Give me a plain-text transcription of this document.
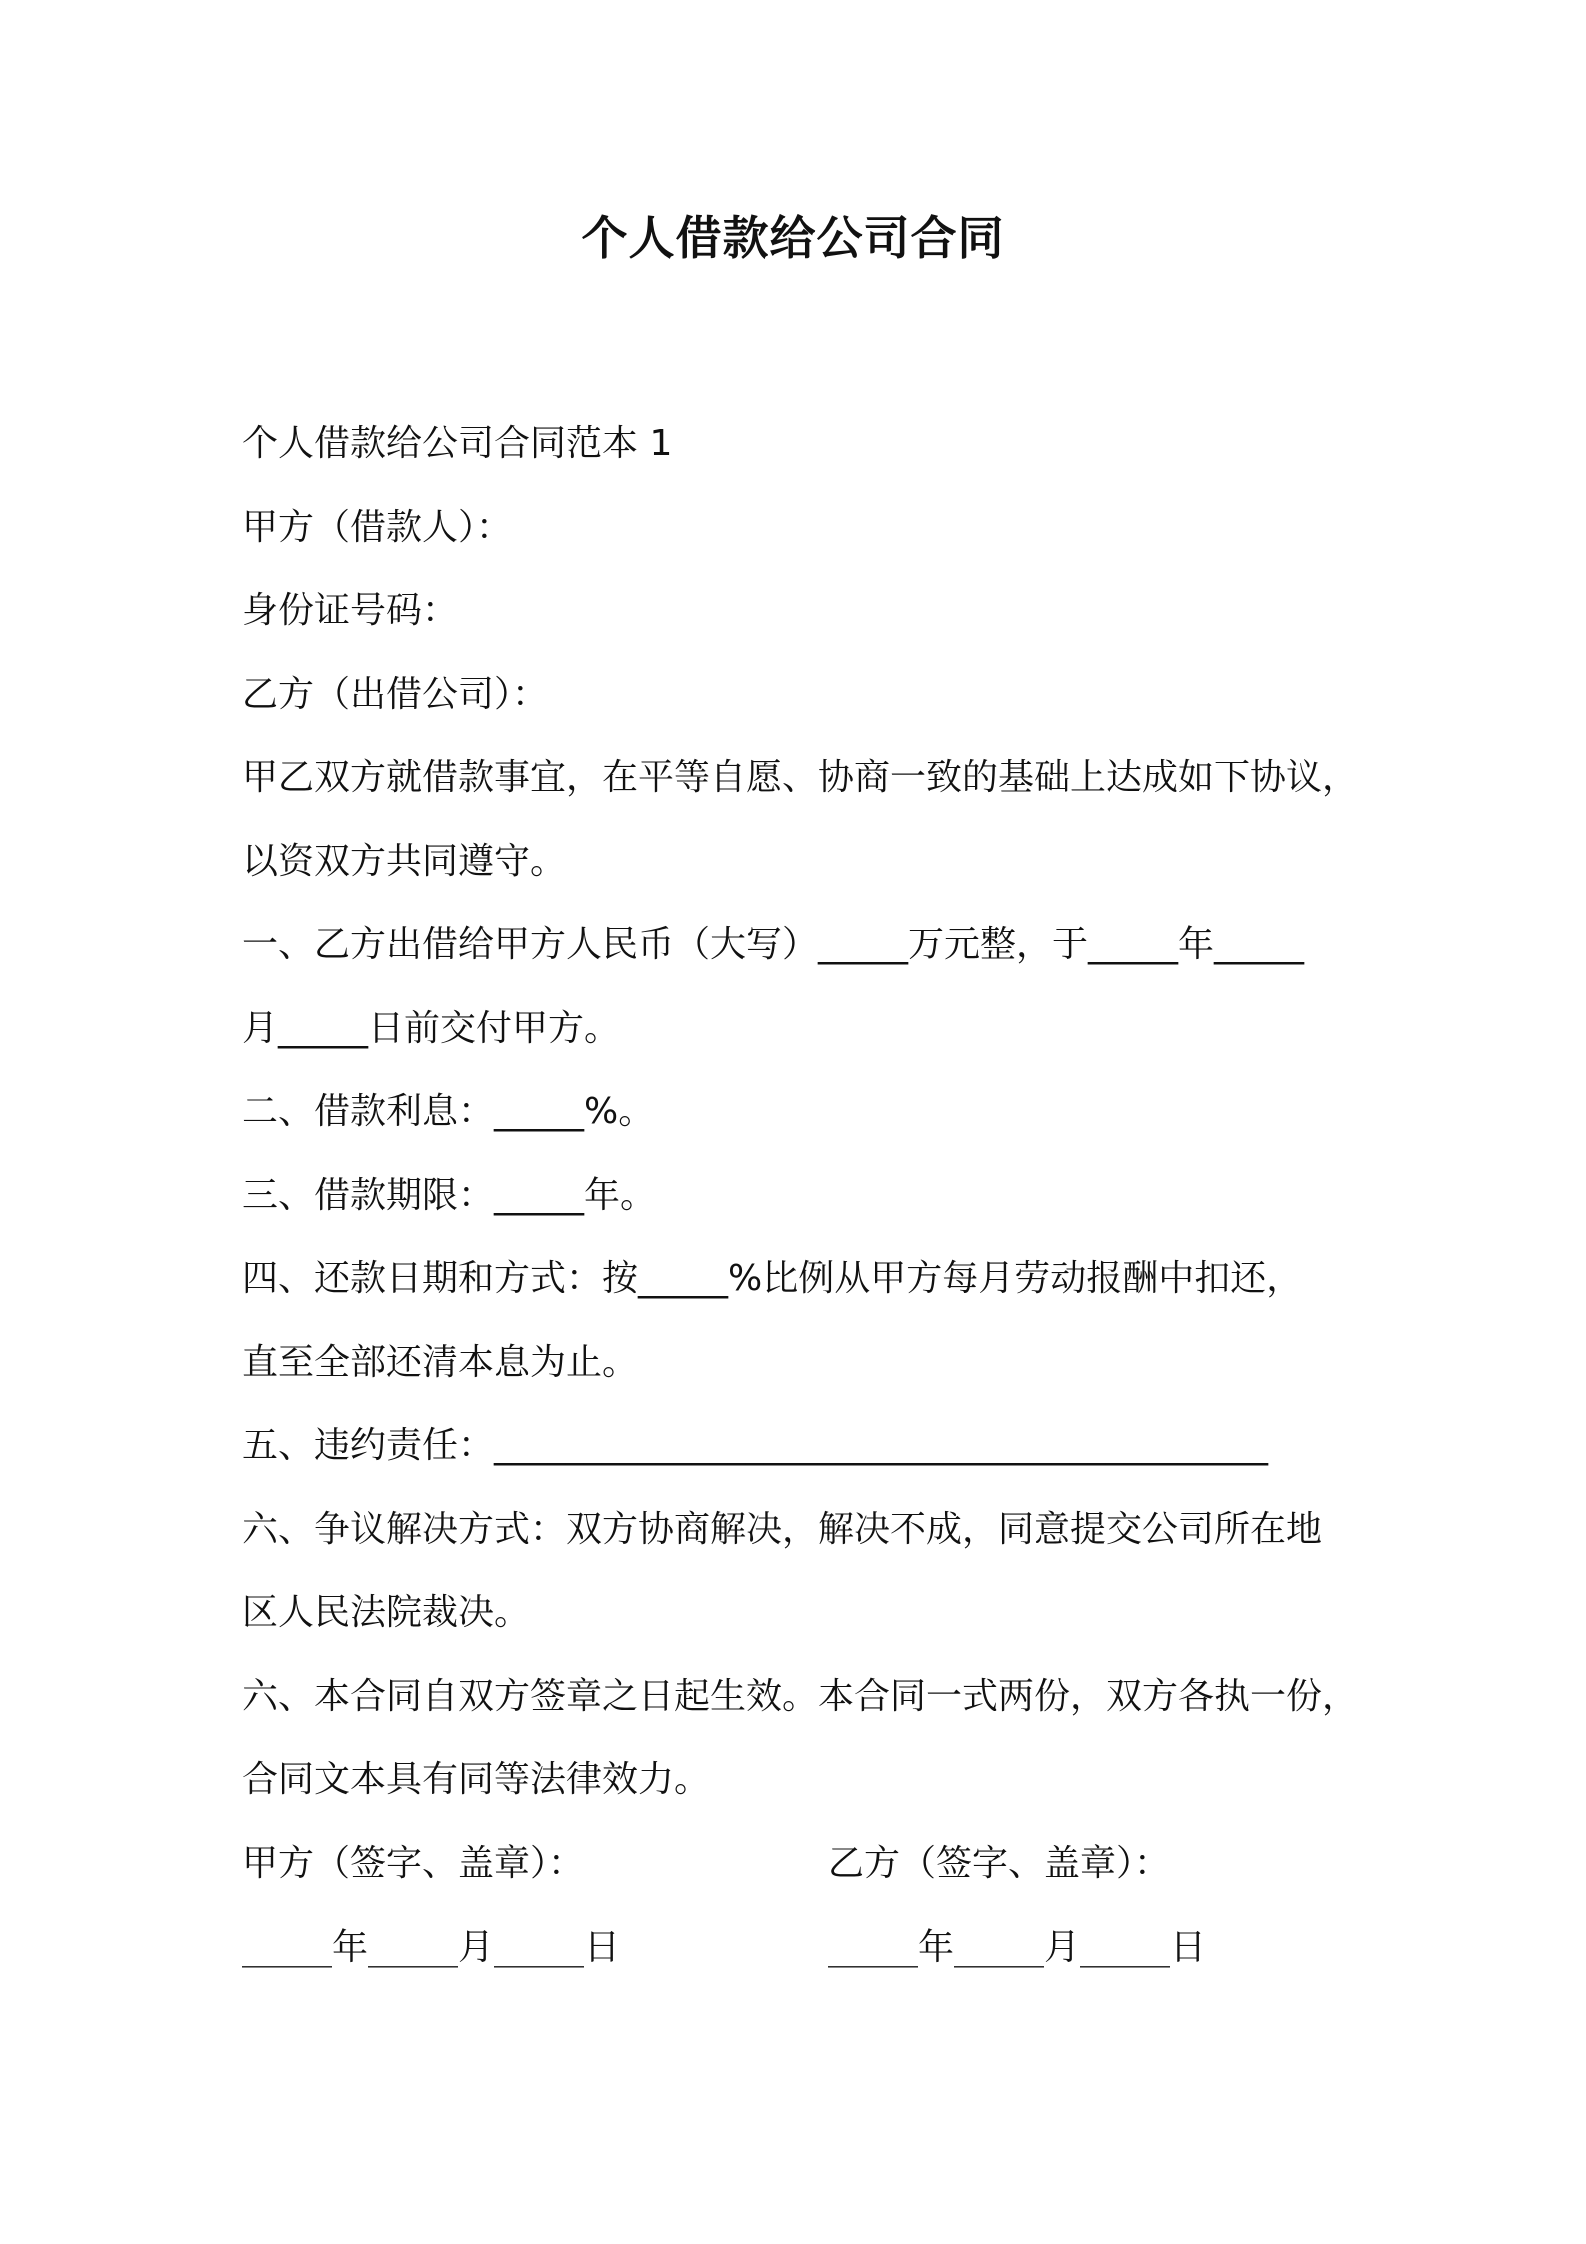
个人借款给公司合同
个人借款给公司合同范本 1
甲方（借款人）：
身份证号码：
乙方（出借公司）：
甲乙双方就借款事宜，在平等自愿、协商一致的基础上达成如下协议，
以资双方共同遵守。
一、乙方出借给甲方人民币（大写）_____万元整，于_____年_____
月_____日前交付甲方。
二、借款利息：_____%。
三、借款期限：_____年。
四、还款日期和方式：按_____%比例从甲方每月劳动报酬中扣还，
直至全部还清本息为止。
五、违约责任：___________________________________________
六、争议解决方式：双方协商解决，解决不成，同意提交公司所在地
区人民法院裁决。
六、本合同自双方签章之日起生效。本合同一式两份，双方各执一份，
合同文本具有同等法律效力。
甲方（签字、盖章）：	乙方（签字、盖章）：
_____年_____月_____日	_____年_____月_____日
